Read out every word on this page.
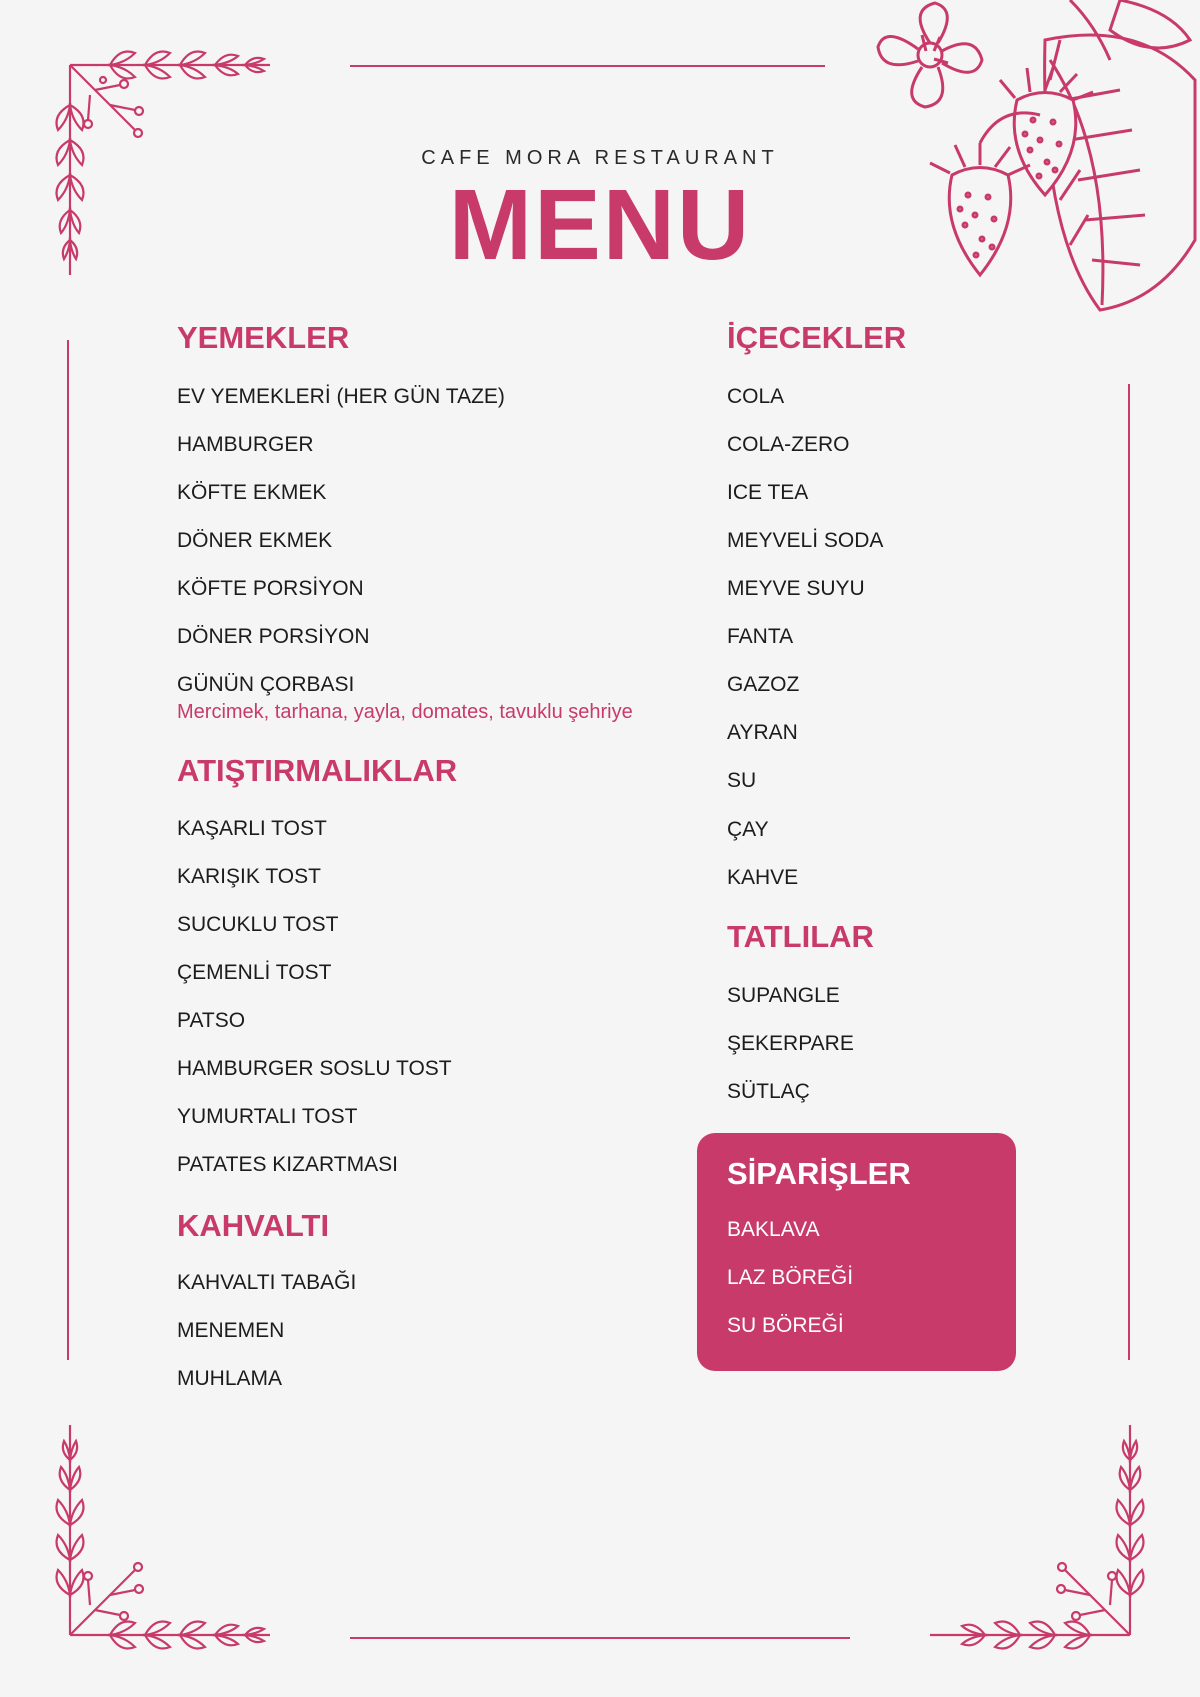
CAFE MORA RESTAURANT
MENU
YEMEKLER
EV YEMEKLERİ (HER GÜN TAZE)
HAMBURGER
KÖFTE EKMEK
DÖNER EKMEK
KÖFTE PORSİYON
DÖNER PORSİYON
GÜNÜN ÇORBASI
Mercimek, tarhana, yayla, domates, tavuklu şehriye
ATIŞTIRMALIKLAR
KAŞARLI TOST
KARIŞIK TOST
SUCUKLU TOST
ÇEMENLİ TOST
PATSO
HAMBURGER SOSLU TOST
YUMURTALI TOST
PATATES KIZARTMASI
KAHVALTI
KAHVALTI TABAĞI
MENEMEN
MUHLAMA
İÇECEKLER
COLA
COLA-ZERO
ICE TEA
MEYVELİ SODA
MEYVE SUYU
FANTA
GAZOZ
AYRAN
SU
ÇAY
KAHVE
TATLILAR
SUPANGLE
ŞEKERPARE
SÜTLAÇ
SİPARİŞLER
BAKLAVA
LAZ BÖREĞİ
SU BÖREĞİ
